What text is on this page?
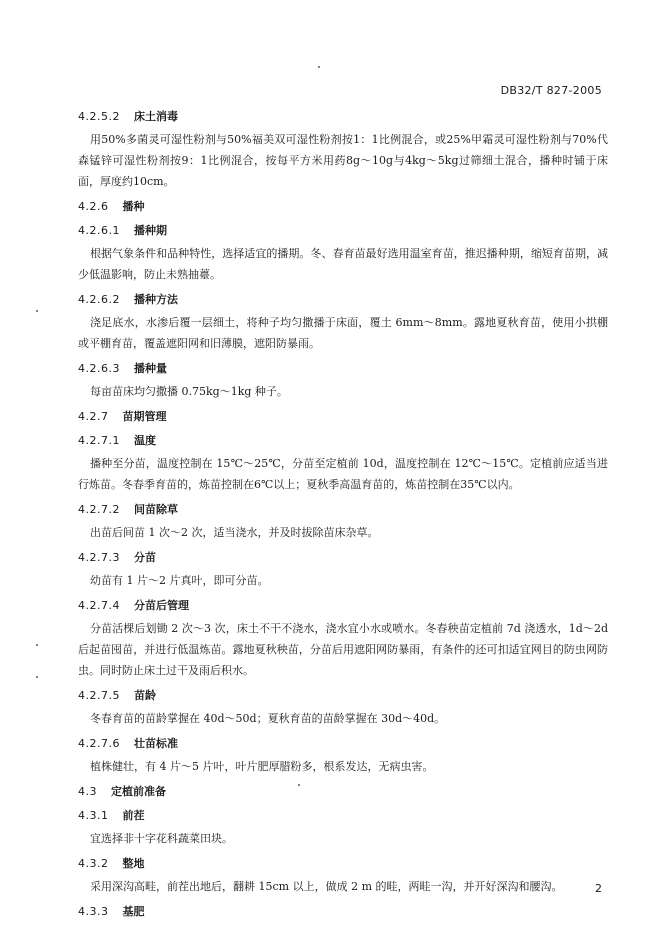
DB32/T 827-2005
4.2.5.2 床土消毒

用50%多菌灵可湿性粉剂与50%福美双可湿性粉剂按1：1比例混合，或25%甲霜灵可湿性粉剂与70%代森锰锌可湿性粉剂按9：1比例混合，按每平方米用药8g～10g与4kg～5kg过筛细土混合，播种时铺于床面，厚度约10cm。

4.2.6 播种
4.2.6.1 播种期

根据气象条件和品种特性，选择适宜的播期。冬、春育苗最好选用温室育苗，推迟播种期，缩短育苗期，减少低温影响，防止未熟抽薹。

4.2.6.2 播种方法

浇足底水，水渗后覆一层细土，将种子均匀撒播于床面，覆土 6mm～8mm。露地夏秋育苗，使用小拱棚或平棚育苗，覆盖遮阳网和旧薄膜，遮阳防暴雨。

4.2.6.3 播种量

每亩苗床均匀撒播 0.75kg～1kg 种子。

4.2.7 苗期管理
4.2.7.1 温度

播种至分苗，温度控制在 15℃～25℃，分苗至定植前 10d，温度控制在 12℃～15℃。定植前应适当进行炼苗。冬春季育苗的，炼苗控制在6℃以上；夏秋季高温育苗的，炼苗控制在35℃以内。

4.2.7.2 间苗除草

出苗后间苗 1 次～2 次，适当浇水，并及时拔除苗床杂草。

4.2.7.3 分苗

幼苗有 1 片～2 片真叶，即可分苗。

4.2.7.4 分苗后管理

分苗活棵后划锄 2 次～3 次，床土不干不浇水，浇水宜小水或喷水。冬春秧苗定植前 7d 浇透水，1d～2d 后起苗囤苗，并进行低温炼苗。露地夏秋秧苗，分苗后用遮阳网防暴雨，有条件的还可扣适宜网目的防虫网防虫。同时防止床土过干及雨后积水。

4.2.7.5 苗龄

冬春育苗的苗龄掌握在 40d～50d；夏秋育苗的苗龄掌握在 30d～40d。

4.2.7.6 壮苗标准

植株健壮，有 4 片～5 片叶，叶片肥厚腊粉多，根系发达，无病虫害。

4.3 定植前准备
4.3.1 前茬

宜选择非十字花科蔬菜田块。

4.3.2 整地

采用深沟高畦，前茬出地后，翻耕 15cm 以上，做成 2 m 的畦，两畦一沟，并开好深沟和腰沟。

4.3.3 基肥
2
